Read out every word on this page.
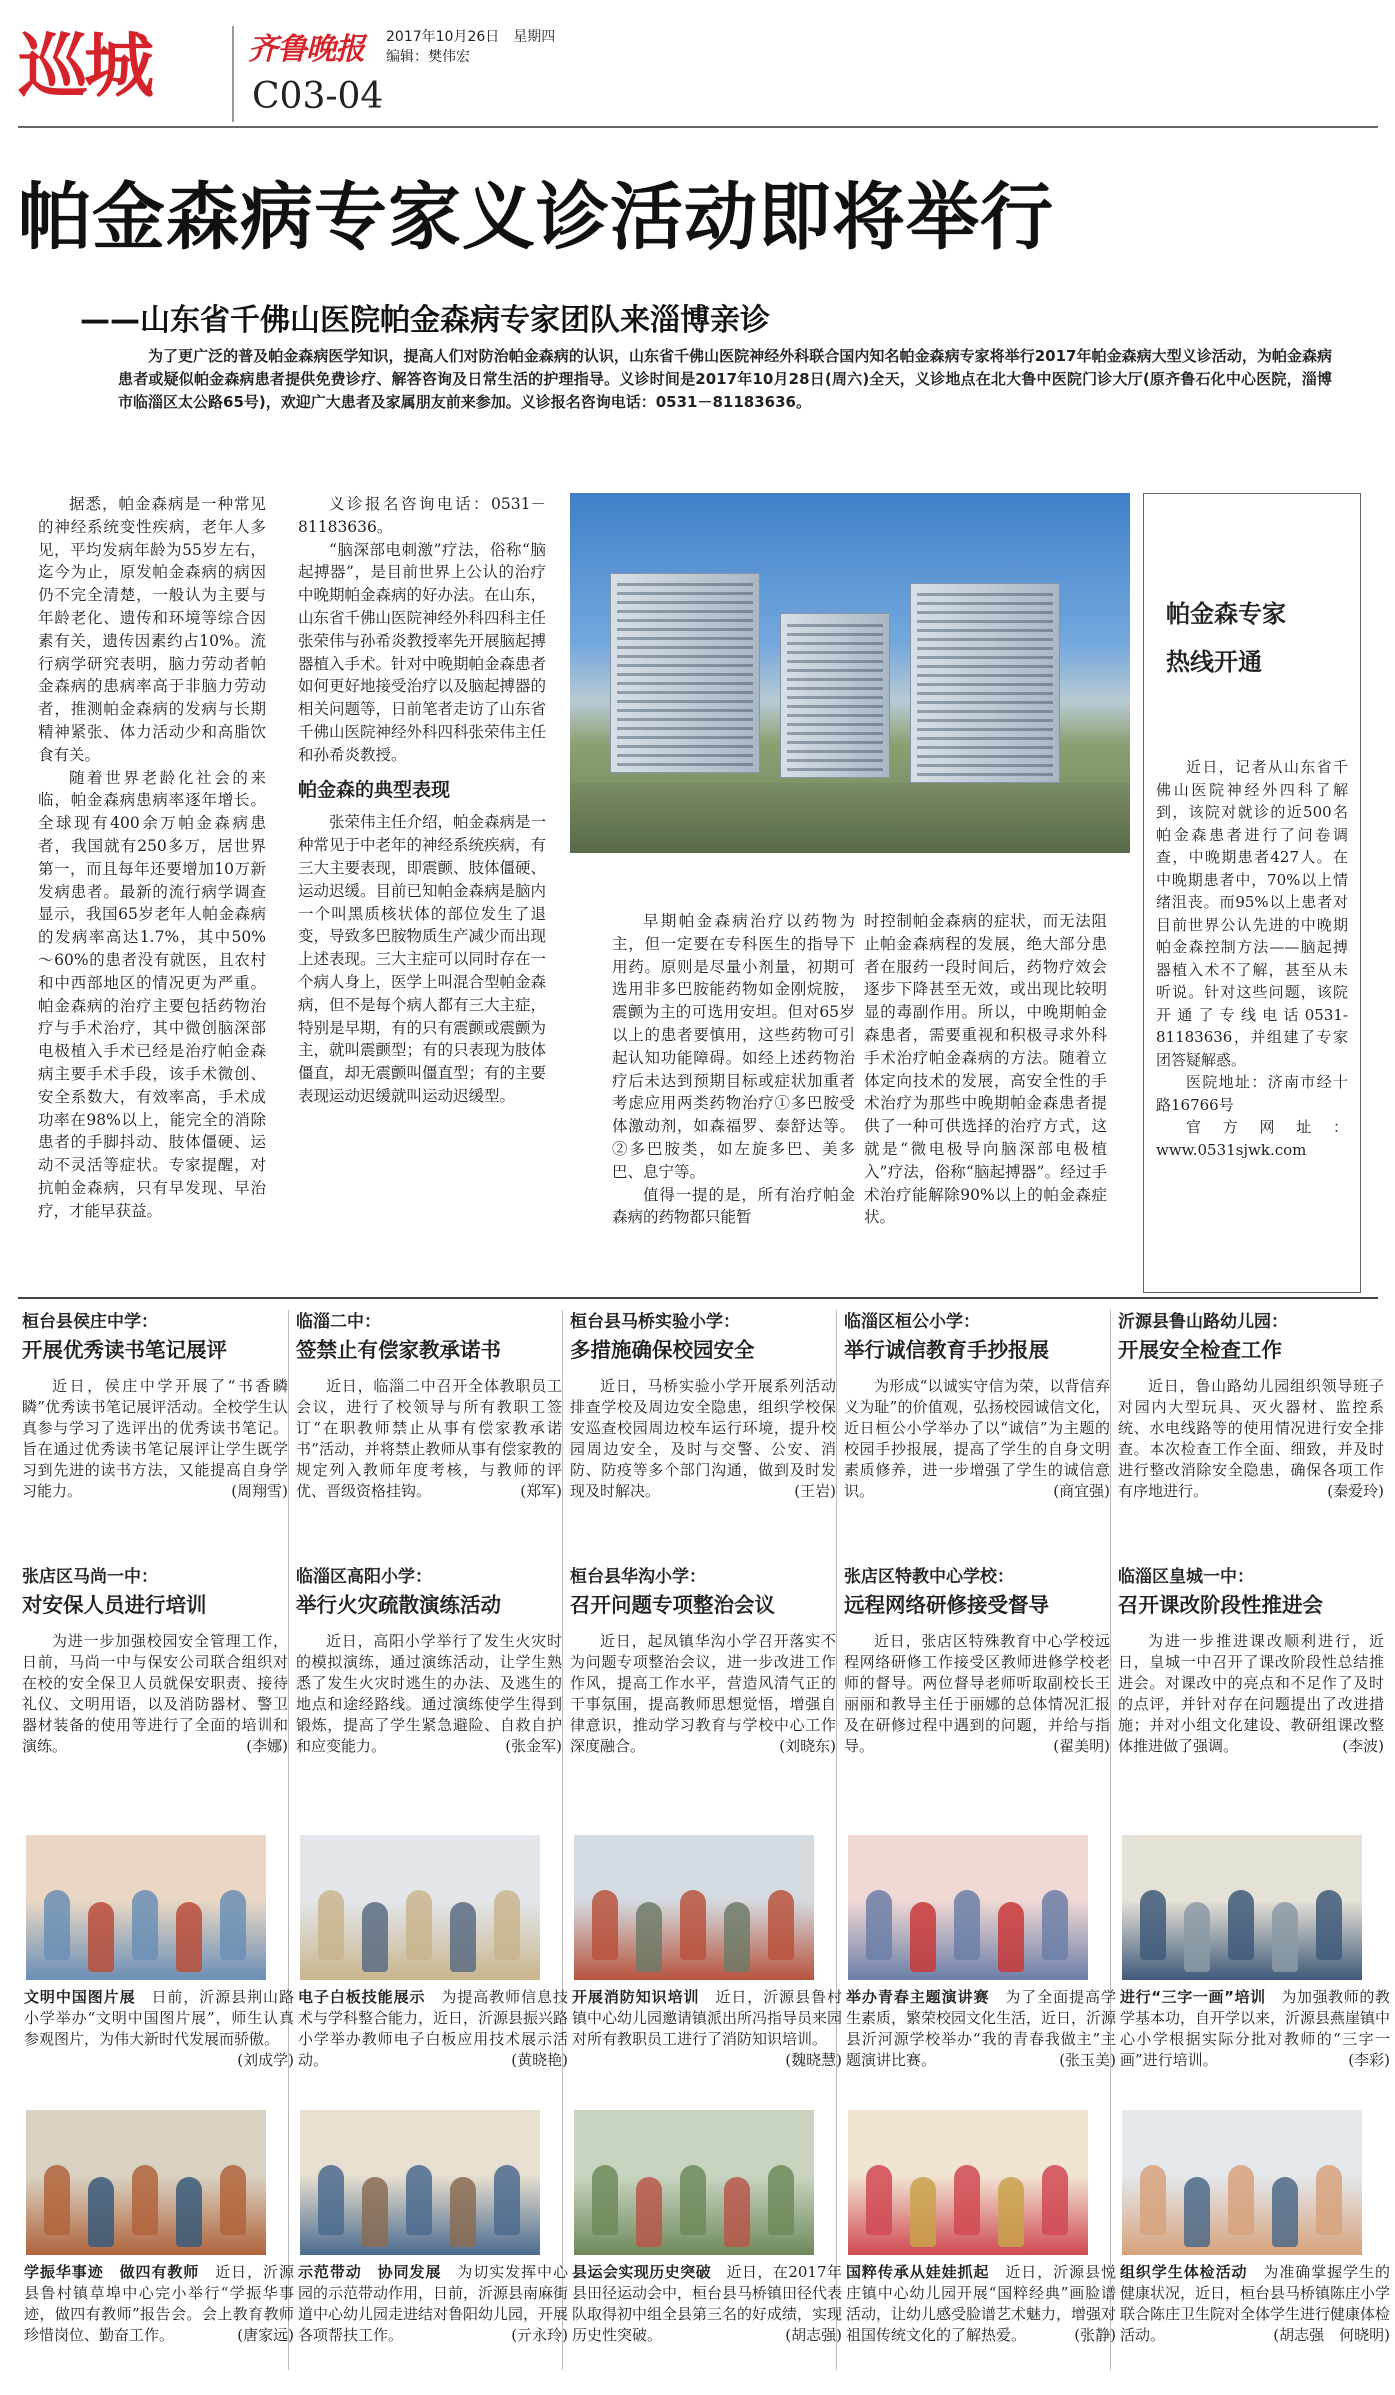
巡城	齐鲁晚报 2017年10月26日　星期四
编辑：樊伟宏
C03-04
帕金森病专家义诊活动即将举行
——山东省千佛山医院帕金森病专家团队来淄博亲诊
为了更广泛的普及帕金森病医学知识，提高人们对防治帕金森病的认识，山东省千佛山医院神经外科联合国内知名帕金森病专家将举行2017年帕金森病大型义诊活动，为帕金森病患者或疑似帕金森病患者提供免费诊疗、解答咨询及日常生活的护理指导。义诊时间是2017年10月28日(周六)全天，义诊地点在北大鲁中医院门诊大厅(原齐鲁石化中心医院，淄博市临淄区太公路65号)，欢迎广大患者及家属朋友前来参加。义诊报名咨询电话：0531－81183636。

据悉，帕金森病是一种常见的神经系统变性疾病，老年人多见，平均发病年龄为55岁左右，迄今为止，原发帕金森病的病因仍不完全清楚，一般认为主要与年龄老化、遗传和环境等综合因素有关，遗传因素约占10%。流行病学研究表明，脑力劳动者帕金森病的患病率高于非脑力劳动者，推测帕金森病的发病与长期精神紧张、体力活动少和高脂饮食有关。

随着世界老龄化社会的来临，帕金森病患病率逐年增长。全球现有400余万帕金森病患者，我国就有250多万，居世界第一，而且每年还要增加10万新发病患者。最新的流行病学调查显示，我国65岁老年人帕金森病的发病率高达1.7%，其中50%～60%的患者没有就医，且农村和中西部地区的情况更为严重。帕金森病的治疗主要包括药物治疗与手术治疗，其中微创脑深部电极植入手术已经是治疗帕金森病主要手术手段，该手术微创、安全系数大，有效率高，手术成功率在98%以上，能完全的消除患者的手脚抖动、肢体僵硬、运动不灵活等症状。专家提醒，对抗帕金森病，只有早发现、早治疗，才能早获益。

义诊报名咨询电话：0531－81183636。

“脑深部电刺激”疗法，俗称“脑起搏器”，是目前世界上公认的治疗中晚期帕金森病的好办法。在山东，山东省千佛山医院神经外科四科主任张荣伟与孙希炎教授率先开展脑起搏器植入手术。针对中晚期帕金森患者如何更好地接受治疗以及脑起搏器的相关问题等，日前笔者走访了山东省千佛山医院神经外科四科张荣伟主任和孙希炎教授。

帕金森的典型表现

张荣伟主任介绍，帕金森病是一种常见于中老年的神经系统疾病，有三大主要表现，即震颤、肢体僵硬、运动迟缓。目前已知帕金森病是脑内一个叫黑质核状体的部位发生了退变，导致多巴胺物质生产减少而出现上述表现。三大主症可以同时存在一个病人身上，医学上叫混合型帕金森病，但不是每个病人都有三大主症，特别是早期，有的只有震颤或震颤为主，就叫震颤型；有的只表现为肢体僵直，却无震颤叫僵直型；有的主要表现运动迟缓就叫运动迟缓型。

早期帕金森病治疗以药物为主，但一定要在专科医生的指导下用药。原则是尽量小剂量，初期可选用非多巴胺能药物如金刚烷胺，震颤为主的可选用安坦。但对65岁以上的患者要慎用，这些药物可引起认知功能障碍。如经上述药物治疗后未达到预期目标或症状加重者考虑应用两类药物治疗①多巴胺受体激动剂，如森福罗、泰舒达等。②多巴胺类，如左旋多巴、美多巴、息宁等。

值得一提的是，所有治疗帕金森病的药物都只能暂

时控制帕金森病的症状，而无法阻止帕金森病程的发展，绝大部分患者在服药一段时间后，药物疗效会逐步下降甚至无效，或出现比较明显的毒副作用。所以，中晚期帕金森患者，需要重视和积极寻求外科手术治疗帕金森病的方法。随着立体定向技术的发展，高安全性的手术治疗为那些中晚期帕金森患者提供了一种可供选择的治疗方式，这就是“微电极导向脑深部电极植入”疗法，俗称“脑起搏器”。经过手术治疗能解除90%以上的帕金森症状。

帕金森专家
热线开通

近日，记者从山东省千佛山医院神经外四科了解到，该院对就诊的近500名帕金森患者进行了问卷调查，中晚期患者427人。在中晚期患者中，70%以上情绪沮丧。而95%以上患者对目前世界公认先进的中晚期帕金森控制方法——脑起搏器植入术不了解，甚至从未听说。针对这些问题，该院开通了专线电话0531-81183636，并组建了专家团答疑解惑。

医院地址：济南市经十路16766号

官方网址：www.0531sjwk.com

桓台县侯庄中学：
开展优秀读书笔记展评
近日，侯庄中学开展了“书香瞵瞵”优秀读书笔记展评活动。全校学生认真参与学习了选评出的优秀读书笔记。旨在通过优秀读书笔记展评让学生既学习到先进的读书方法，又能提高自身学习能力。	(周翔雪)
临淄二中：
签禁止有偿家教承诺书
近日，临淄二中召开全体教职员工会议，进行了校领导与所有教职工签订“在职教师禁止从事有偿家教承诺书”活动，并将禁止教师从事有偿家教的规定列入教师年度考核，与教师的评优、晋级资格挂钩。	(郑军)
桓台县马桥实验小学：
多措施确保校园安全
近日，马桥实验小学开展系列活动排查学校及周边安全隐患，组织学校保安巡查校园周边校车运行环境，提升校园周边安全，及时与交警、公安、消防、防疫等多个部门沟通，做到及时发现及时解决。	(王岩)
临淄区桓公小学：
举行诚信教育手抄报展
为形成“以诚实守信为荣，以背信弃义为耻”的价值观，弘扬校园诚信文化，近日桓公小学举办了以“诚信”为主题的校园手抄报展，提高了学生的自身文明素质修养，进一步增强了学生的诚信意识。	(商宜强)
沂源县鲁山路幼儿园：
开展安全检查工作
近日，鲁山路幼儿园组织领导班子对园内大型玩具、灭火器材、监控系统、水电线路等的使用情况进行安全排查。本次检查工作全面、细致，并及时进行整改消除安全隐患，确保各项工作有序地进行。	(秦爱玲)
张店区马尚一中：
对安保人员进行培训
为进一步加强校园安全管理工作，日前，马尚一中与保安公司联合组织对在校的安全保卫人员就保安职责、接待礼仪、文明用语，以及消防器材、警卫器材装备的使用等进行了全面的培训和演练。	(李娜)
临淄区高阳小学：
举行火灾疏散演练活动
近日，高阳小学举行了发生火灾时的模拟演练，通过演练活动，让学生熟悉了发生火灾时逃生的办法、及逃生的地点和途经路线。通过演练使学生得到锻炼，提高了学生紧急避险、自救自护和应变能力。	(张金军)
桓台县华沟小学：
召开问题专项整治会议
近日，起凤镇华沟小学召开落实不为问题专项整治会议，进一步改进工作作风，提高工作水平，营造风清气正的干事氛围，提高教师思想觉悟，增强自律意识，推动学习教育与学校中心工作深度融合。	(刘晓东)
张店区特教中心学校：
远程网络研修接受督导
近日，张店区特殊教育中心学校远程网络研修工作接受区教师进修学校老师的督导。两位督导老师听取副校长王丽丽和教导主任于丽娜的总体情况汇报及在研修过程中遇到的问题，并给与指导。	(翟美明)
临淄区皇城一中：
召开课改阶段性推进会
为进一步推进课改顺利进行，近日，皇城一中召开了课改阶段性总结推进会。对课改中的亮点和不足作了及时的点评，并针对存在问题提出了改进措施；并对小组文化建设、教研组课改整体推进做了强调。	(李波)
文明中国图片展　 日前，沂源县荆山路小学举办“文明中国图片展”，师生认真参观图片，为伟大新时代发展而骄傲。
(刘成学)
电子白板技能展示　 为提高教师信息技术与学科整合能力，近日，沂源县振兴路小学举办教师电子白板应用技术展示活动。	(黄晓艳)
开展消防知识培训　 近日，沂源县鲁村镇中心幼儿园邀请镇派出所冯指导员来园对所有教职员工进行了消防知识培训。
(魏晓慧)
举办青春主题演讲赛　 为了全面提高学生素质，繁荣校园文化生活，近日，沂源县沂河源学校举办“我的青春我做主”主题演讲比赛。	(张玉美)
进行“三字一画”培训　 为加强教师的教学基本功，自开学以来，沂源县燕崖镇中心小学根据实际分批对教师的“三字一画”进行培训。	(李彩)
学振华事迹　做四有教师　 近日，沂源县鲁村镇草埠中心完小举行“学振华事迹，做四有教师”报告会。会上教育教师珍惜岗位、勤奋工作。	(唐家远)
示范带动　协同发展　 为切实发挥中心园的示范带动作用，日前，沂源县南麻街道中心幼儿园走进结对鲁阳幼儿园，开展各项帮扶工作。	(亓永玲)
县运会实现历史突破　 近日，在2017年县田径运动会中，桓台县马桥镇田径代表队取得初中组全县第三名的好成绩，实现历史性突破。	(胡志强)
国粹传承从娃娃抓起　 近日，沂源县悦庄镇中心幼儿园开展“国粹经典”画脸谱活动，让幼儿感受脸谱艺术魅力，增强对祖国传统文化的了解热爱。	(张静)
组织学生体检活动　 为准确掌握学生的健康状况，近日，桓台县马桥镇陈庄小学联合陈庄卫生院对全体学生进行健康体检活动。	(胡志强　何晓明)
